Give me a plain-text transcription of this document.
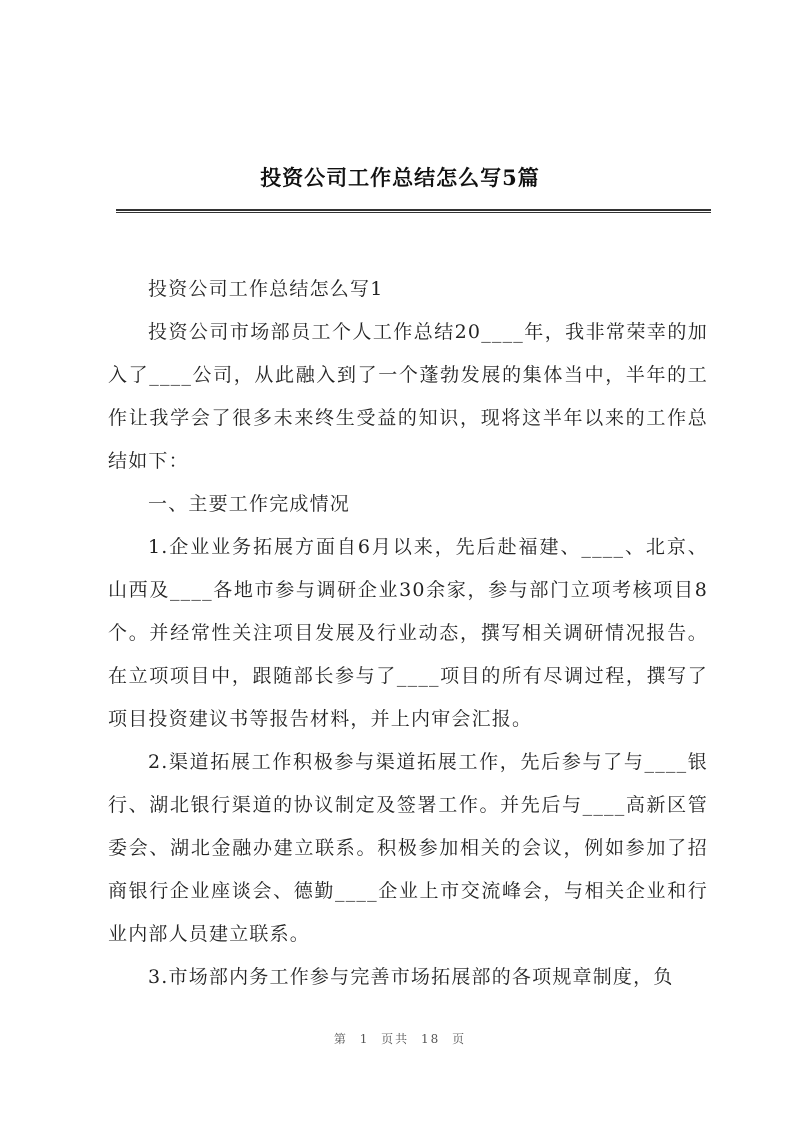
投资公司工作总结怎么写5篇

投资公司工作总结怎么写1

投资公司市场部员工个人工作总结20____年，我非常荣幸的加入了____公司，从此融入到了一个蓬勃发展的集体当中，半年的工作让我学会了很多未来终生受益的知识，现将这半年以来的工作总结如下：

一、主要工作完成情况

1.企业业务拓展方面自6月以来，先后赴福建、____、北京、山西及____各地市参与调研企业30余家，参与部门立项考核项目8个。并经常性关注项目发展及行业动态，撰写相关调研情况报告。在立项项目中，跟随部长参与了____项目的所有尽调过程，撰写了项目投资建议书等报告材料，并上内审会汇报。

2.渠道拓展工作积极参与渠道拓展工作，先后参与了与____银行、湖北银行渠道的协议制定及签署工作。并先后与____高新区管委会、湖北金融办建立联系。积极参加相关的会议，例如参加了招商银行企业座谈会、德勤____企业上市交流峰会，与相关企业和行业内部人员建立联系。

3.市场部内务工作参与完善市场拓展部的各项规章制度，负

第 1 页共 18 页
